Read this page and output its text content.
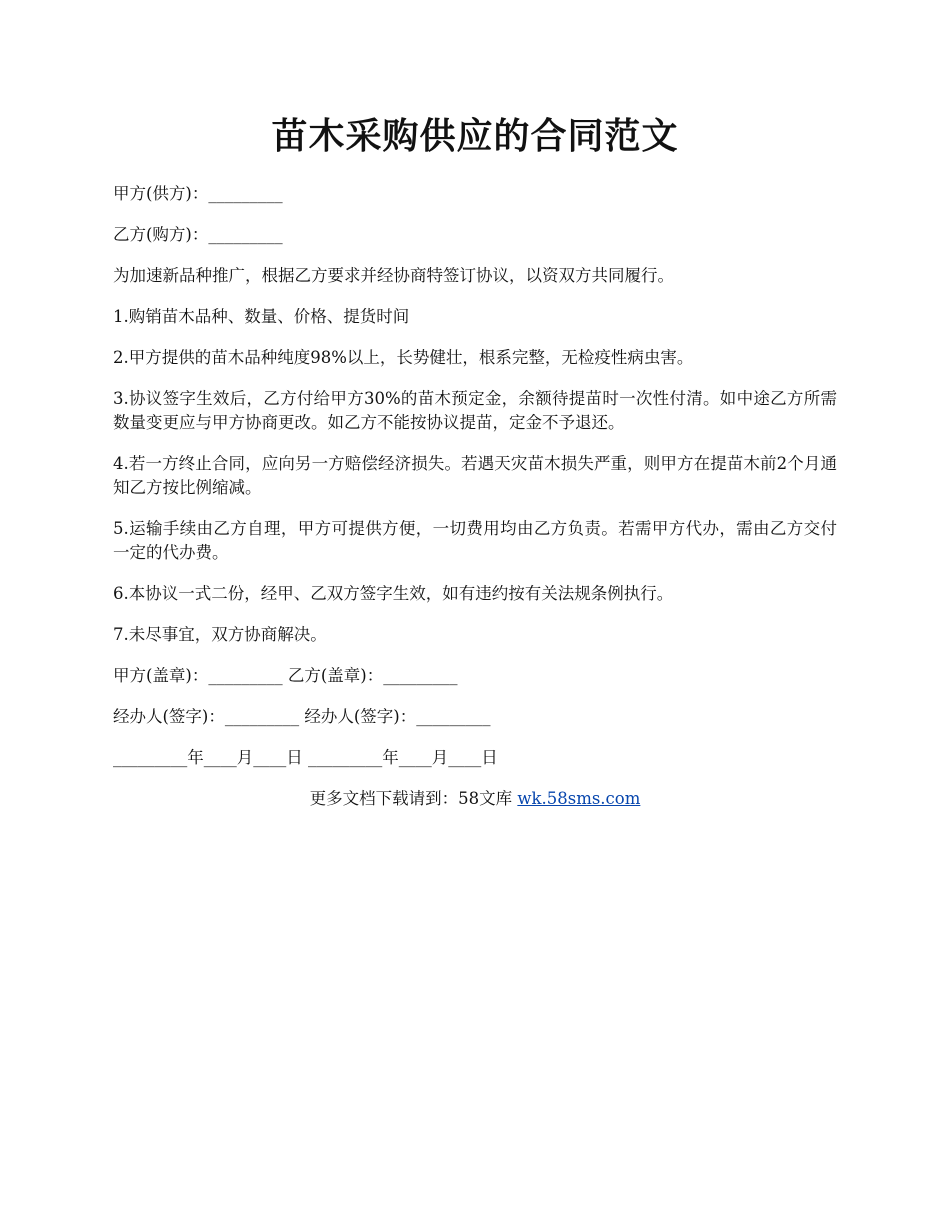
苗木采购供应的合同范文

甲方(供方)：_________

乙方(购方)：_________

为加速新品种推广，根据乙方要求并经协商特签订协议，以资双方共同履行。

1.购销苗木品种、数量、价格、提货时间

2.甲方提供的苗木品种纯度98%以上，长势健壮，根系完整，无检疫性病虫害。

3.协议签字生效后，乙方付给甲方30%的苗木预定金，余额待提苗时一次性付清。如中途乙方所需数量变更应与甲方协商更改。如乙方不能按协议提苗，定金不予退还。

4.若一方终止合同，应向另一方赔偿经济损失。若遇天灾苗木损失严重，则甲方在提苗木前2个月通知乙方按比例缩减。

5.运输手续由乙方自理，甲方可提供方便，一切费用均由乙方负责。若需甲方代办，需由乙方交付一定的代办费。

6.本协议一式二份，经甲、乙双方签字生效，如有违约按有关法规条例执行。

7.未尽事宜，双方协商解决。

甲方(盖章)：_________ 乙方(盖章)：_________

经办人(签字)：_________ 经办人(签字)：_________

_________年____月____日 _________年____月____日

更多文档下载请到：58文库 wk.58sms.com
